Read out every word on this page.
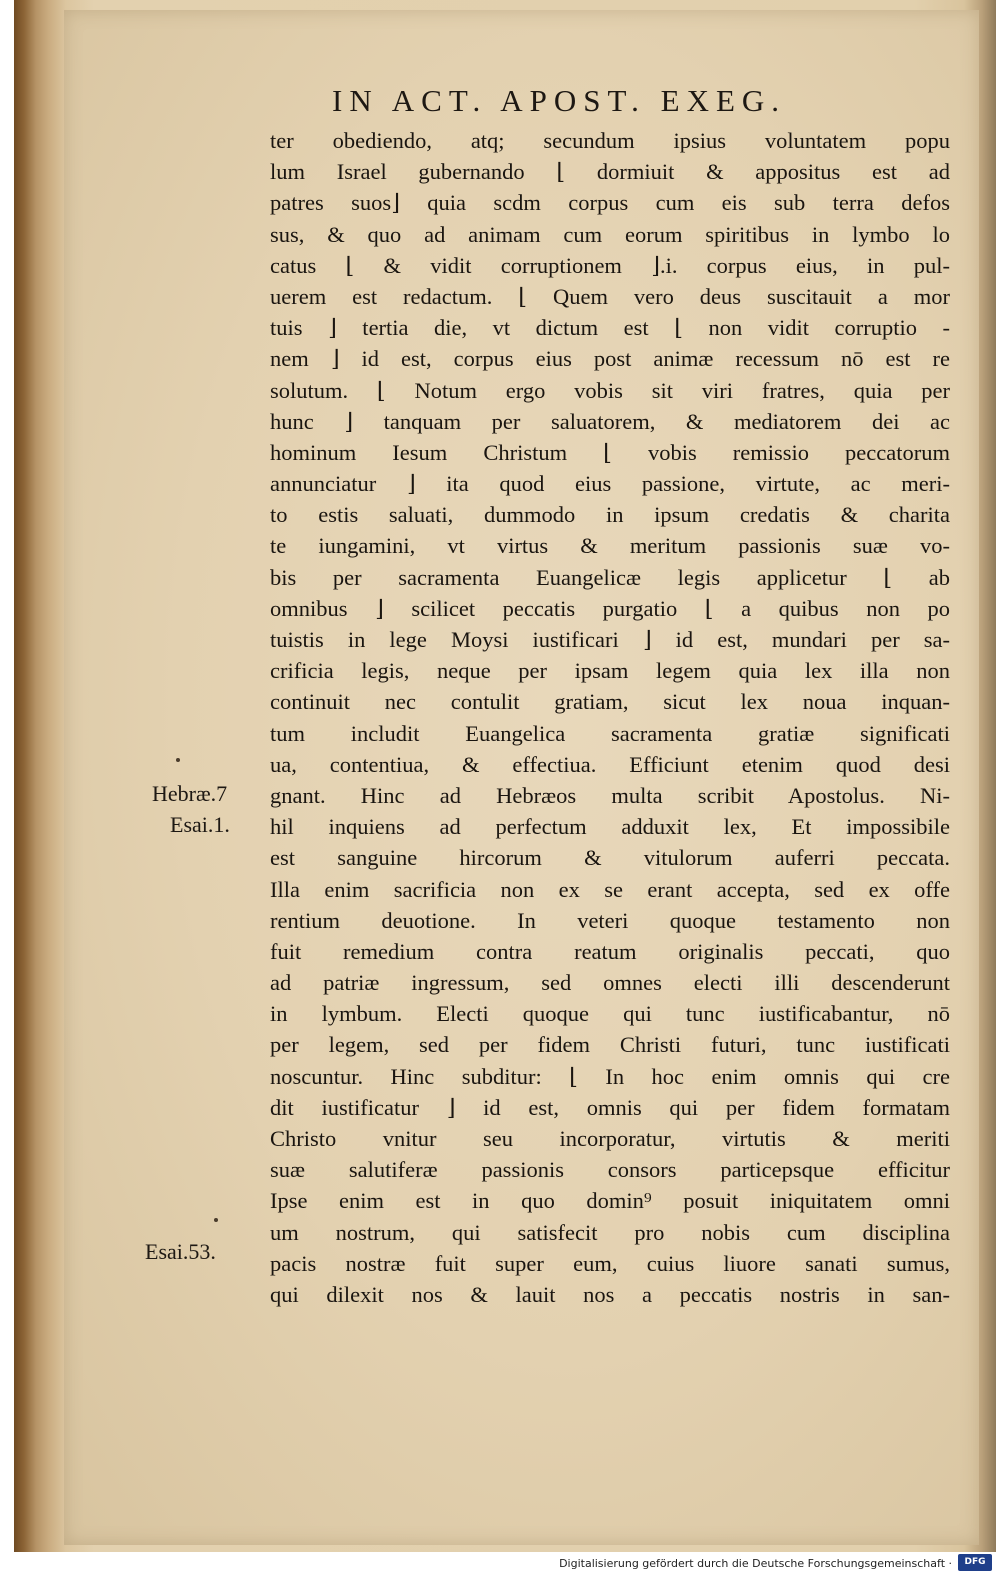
IN ACT. APOST. EXEG.
ter obediendo, atq; secundum ipsius voluntatem popu
lum Israel gubernando ⌊ dormiuit & appositus est ad
patres suos⌋ quia scdm corpus cum eis sub terra defos
sus, & quo ad animam cum eorum spiritibus in lymbo lo
catus ⌊ & vidit corruptionem ⌋.i. corpus eius, in pul-
uerem est redactum. ⌊ Quem vero deus suscitauit a mor
tuis ⌋ tertia die, vt dictum est ⌊ non vidit corruptio -
nem ⌋ id est, corpus eius post animæ recessum nō est re
solutum. ⌊ Notum ergo vobis sit viri fratres, quia per
hunc ⌋ tanquam per saluatorem, & mediatorem dei ac
hominum Iesum Christum ⌊ vobis remissio peccatorum
annunciatur ⌋ ita quod eius passione, virtute, ac meri-
to estis saluati, dummodo in ipsum credatis & charita
te iungamini, vt virtus & meritum passionis suæ vo-
bis per sacramenta Euangelicæ legis applicetur ⌊ ab
omnibus ⌋ scilicet peccatis purgatio ⌊ a quibus non po
tuistis in lege Moysi iustificari ⌋ id est, mundari per sa-
crificia legis, neque per ipsam legem quia lex illa non
continuit nec contulit gratiam, sicut lex noua inquan-
tum includit Euangelica sacramenta gratiæ significati
ua, contentiua, & effectiua. Efficiunt etenim quod desi
gnant. Hinc ad Hebræos multa scribit Apostolus. Ni-
hil inquiens ad perfectum adduxit lex, Et impossibile
est sanguine hircorum & vitulorum auferri peccata.
Illa enim sacrificia non ex se erant accepta, sed ex offe
rentium deuotione. In veteri quoque testamento non
fuit remedium contra reatum originalis peccati, quo
ad patriæ ingressum, sed omnes electi illi descenderunt
in lymbum. Electi quoque qui tunc iustificabantur, nō
per legem, sed per fidem Christi futuri, tunc iustificati
noscuntur. Hinc subditur: ⌊ In hoc enim omnis qui cre
dit iustificatur ⌋ id est, omnis qui per fidem formatam
Christo vnitur seu incorporatur, virtutis & meriti
suæ salutiferæ passionis consors particepsque efficitur
Ipse enim est in quo domin⁹ posuit iniquitatem omni
um nostrum, qui satisfecit pro nobis cum disciplina
pacis nostræ fuit super eum, cuius liuore sanati sumus,
qui dilexit nos & lauit nos a peccatis nostris in san-
Hebræ.7
Esai.1.
Esai.53.
Digitalisierung gefördert durch die Deutsche Forschungsgemeinschaft ·	DFG
